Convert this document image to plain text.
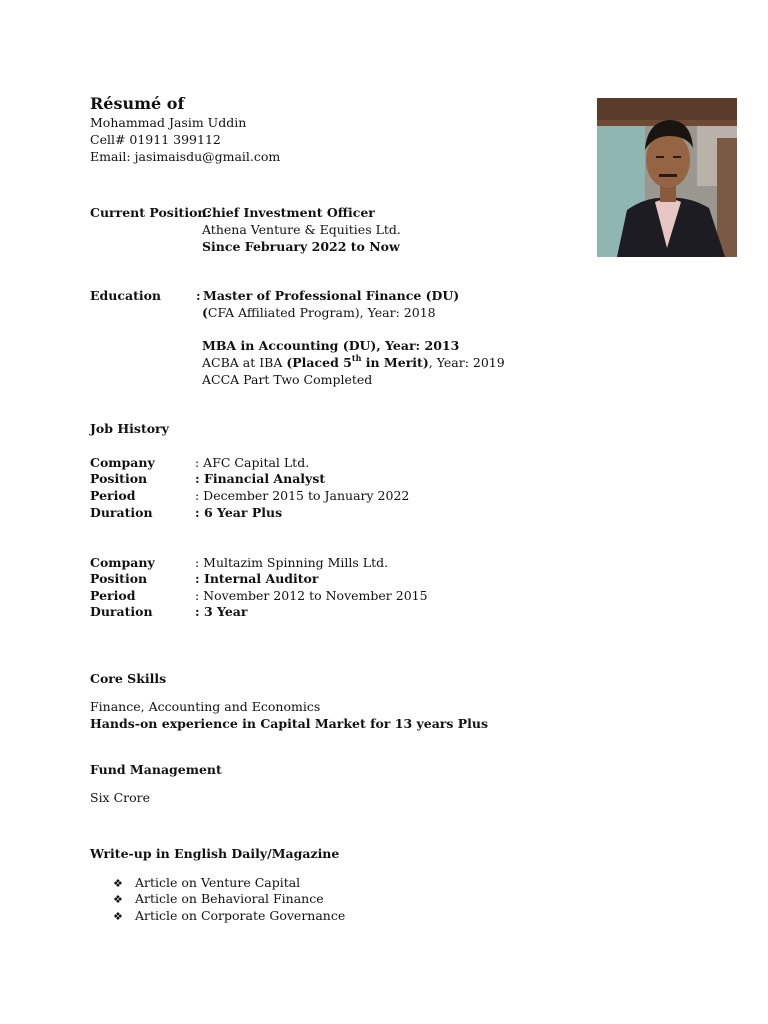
Résumé of
Mohammad Jasim Uddin
Cell# 01911 399112
Email: jasimaisdu@gmail.com
Current Position:
Chief Investment Officer
Athena Venture & Equities Ltd.
Since February 2022 to Now
Education	: Master of Professional Finance (DU)
(CFA Affiliated Program), Year: 2018
MBA in Accounting (DU), Year: 2013
ACBA at IBA (Placed 5th in Merit), Year: 2019
ACCA Part Two Completed
Job History
Company	: AFC Capital Ltd.
Position	: Financial Analyst
Period	: December 2015 to January 2022
Duration	: 6 Year Plus
Company	: Multazim Spinning Mills Ltd.
Position	: Internal Auditor
Period	: November 2012 to November 2015
Duration	: 3 Year
Core Skills
Finance, Accounting and Economics
Hands-on experience in Capital Market for 13 years Plus
Fund Management
Six Crore
Write-up in English Daily/Magazine
❖ Article on Venture Capital
❖ Article on Behavioral Finance
❖ Article on Corporate Governance
